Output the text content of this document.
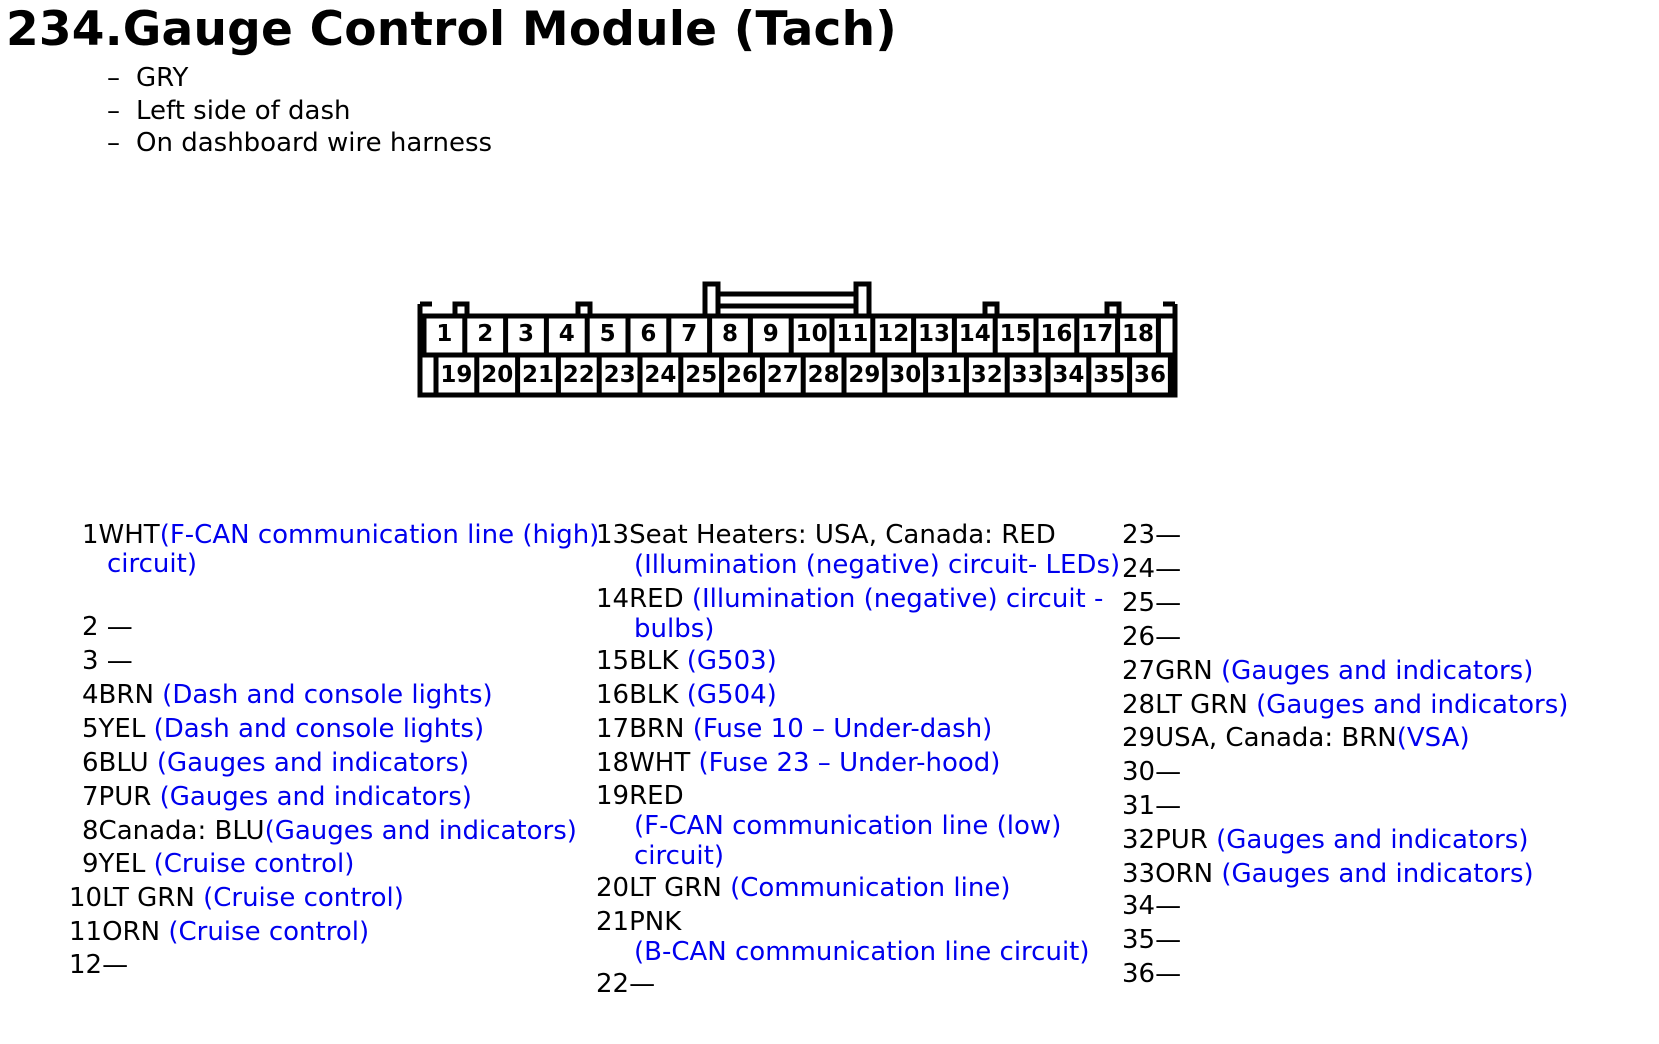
234.Gauge Control Module (Tach)
– GRY
– Left side of dash
– On dashboard wire harness
1 2 3 4 5 6 7 8 9 10 11 12 13 14 15 16 17 18
19 20 21 22 23 24 25 26 27 28 29 30 31 32 33 34 35 36
1WHT(F-CAN communication line (high)
circuit)
2 —
3 —
4BRN (Dash and console lights)
5YEL (Dash and console lights)
6BLU (Gauges and indicators)
7PUR (Gauges and indicators)
8Canada: BLU(Gauges and indicators)
9YEL (Cruise control)
10LT GRN (Cruise control)
11ORN (Cruise control)
12—
13Seat Heaters: USA, Canada: RED
(Illumination (negative) circuit- LEDs)
14RED (Illumination (negative) circuit -
bulbs)
15BLK (G503)
16BLK (G504)
17BRN (Fuse 10 – Under-dash)
18WHT (Fuse 23 – Under-hood)
19RED
(F-CAN communication line (low)
circuit)
20LT GRN (Communication line)
21PNK
(B-CAN communication line circuit)
22—
23—
24—
25—
26—
27GRN (Gauges and indicators)
28LT GRN (Gauges and indicators)
29USA, Canada: BRN(VSA)
30—
31—
32PUR (Gauges and indicators)
33ORN (Gauges and indicators)
34—
35—
36—
